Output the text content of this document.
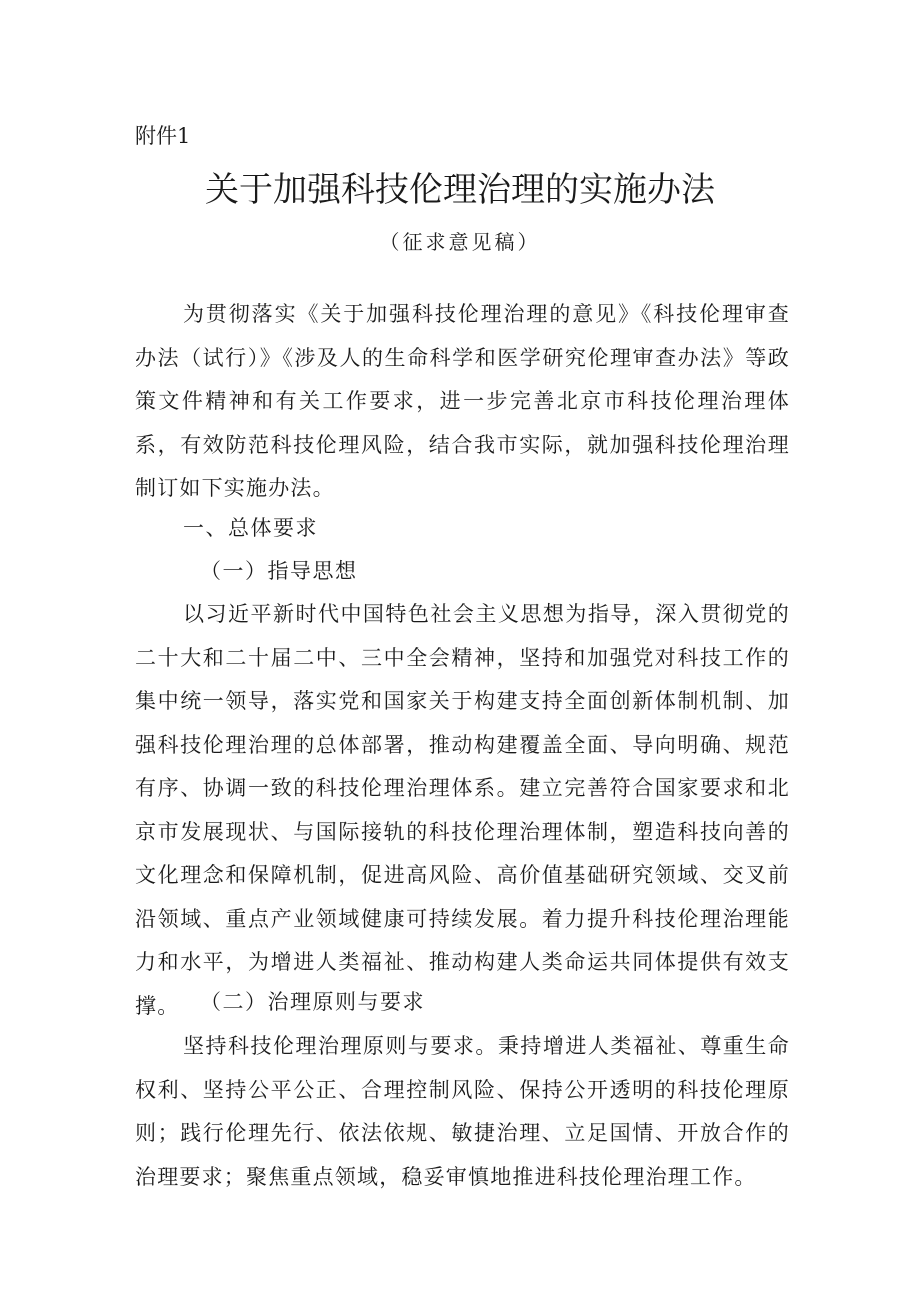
附件1
关于加强科技伦理治理的实施办法
（征求意见稿）
为贯彻落实《关于加强科技伦理治理的意见》《科技伦理审查办法（试行）》《涉及人的生命科学和医学研究伦理审查办法》等政策文件精神和有关工作要求，进一步完善北京市科技伦理治理体系，有效防范科技伦理风险，结合我市实际，就加强科技伦理治理制订如下实施办法。
一、总体要求
（一）指导思想
以习近平新时代中国特色社会主义思想为指导，深入贯彻党的二十大和二十届二中、三中全会精神，坚持和加强党对科技工作的集中统一领导，落实党和国家关于构建支持全面创新体制机制、加强科技伦理治理的总体部署，推动构建覆盖全面、导向明确、规范有序、协调一致的科技伦理治理体系。建立完善符合国家要求和北京市发展现状、与国际接轨的科技伦理治理体制，塑造科技向善的文化理念和保障机制，促进高风险、高价值基础研究领域、交叉前沿领域、重点产业领域健康可持续发展。着力提升科技伦理治理能力和水平，为增进人类福祉、推动构建人类命运共同体提供有效支撑。 （二）治理原则与要求
坚持科技伦理治理原则与要求。秉持增进人类福祉、尊重生命权利、坚持公平公正、合理控制风险、保持公开透明的科技伦理原则；践行伦理先行、依法依规、敏捷治理、立足国情、开放合作的治理要求；聚焦重点领域，稳妥审慎地推进科技伦理治理工作。
